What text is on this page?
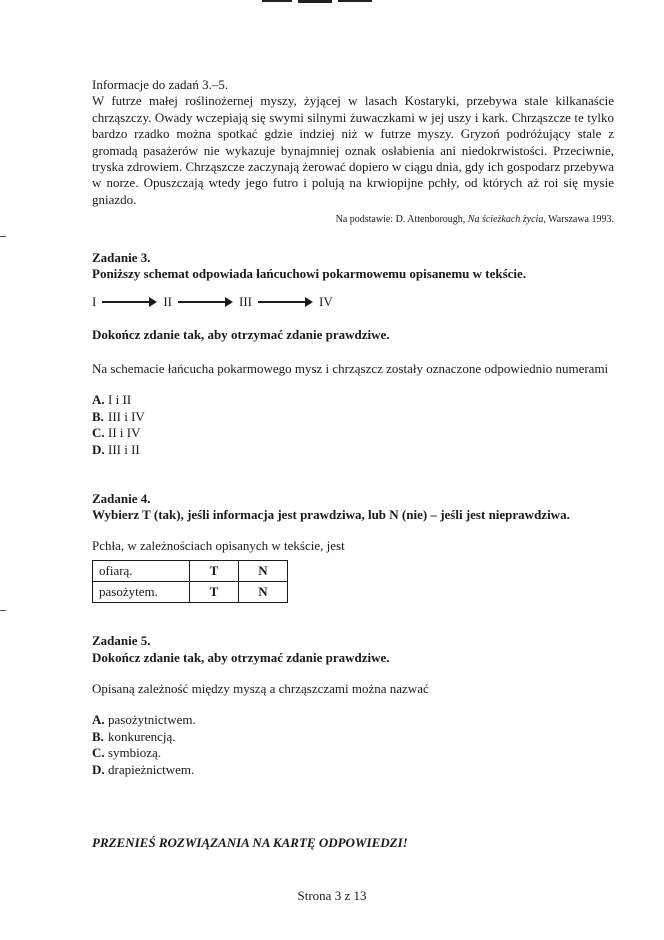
Informacje do zadań 3.–5.

W futrze małej roślinożernej myszy, żyjącej w lasach Kostaryki, przebywa stale kilkanaście chrząszczy. Owady wczepiają się swymi silnymi żuwaczkami w jej uszy i kark. Chrząszcze te tylko bardzo rzadko można spotkać gdzie indziej niż w futrze myszy. Gryzoń podróżujący stale z gromadą pasażerów nie wykazuje bynajmniej oznak osłabienia ani niedokrwistości. Przeciwnie, tryska zdrowiem. Chrząszcze zaczynają żerować dopiero w ciągu dnia, gdy ich gospodarz przebywa w norze. Opuszczają wtedy jego futro i polują na krwiopijne pchły, od których aż roi się mysie gniazdo.

Na podstawie: D. Attenborough, Na ścieżkach życia, Warszawa 1993.

Zadanie 3.

Poniższy schemat odpowiada łańcuchowi pokarmowemu opisanemu w tekście.

I	II	III	IV

Dokończ zdanie tak, aby otrzymać zdanie prawdziwe.

Na schemacie łańcucha pokarmowego mysz i chrząszcz zostały oznaczone odpowiednio numerami

A. I i II

B. III i IV

C. II i IV

D. III i II

Zadanie 4.

Wybierz T (tak), jeśli informacja jest prawdziwa, lub N (nie) – jeśli jest nieprawdziwa.

Pchła, w zależnościach opisanych w tekście, jest

ofiarą.	T	N
pasożytem.	T	N

Zadanie 5.

Dokończ zdanie tak, aby otrzymać zdanie prawdziwe.

Opisaną zależność między myszą a chrząszczami można nazwać

A. pasożytnictwem.

B. konkurencją.

C. symbiozą.

D. drapieżnictwem.

PRZENIEŚ ROZWIĄZANIA NA KARTĘ ODPOWIEDZI!

Strona 3 z 13
